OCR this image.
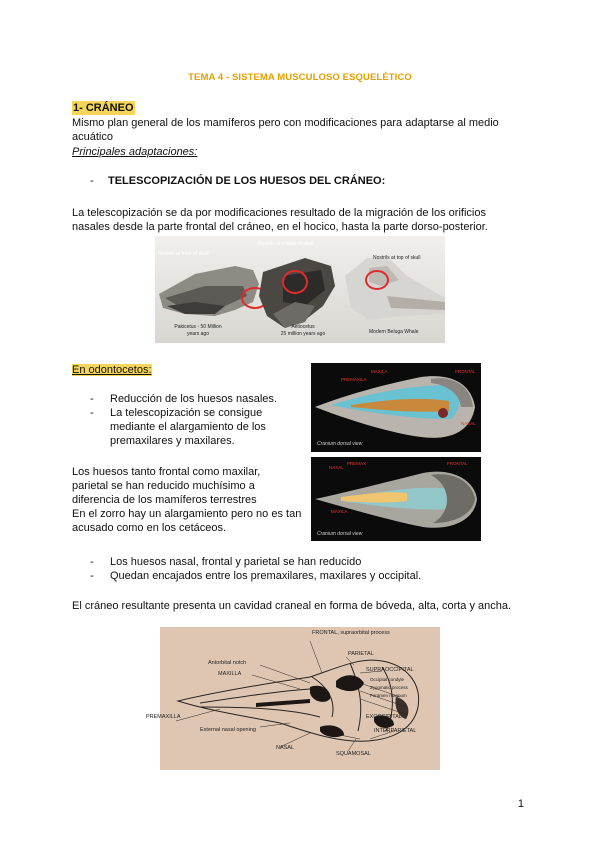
TEMA 4 - SISTEMA MUSCULOSO ESQUELÉTICO
1- CRÁNEO
Mismo plan general de los mamíferos pero con modificaciones para adaptarse al medio
acuático
Principales adaptaciones:
- TELESCOPIZACIÓN DE LOS HUESOS DEL CRÁNEO:
La telescopización se da por modificaciones resultado de la migración de los orificios
nasales desde la parte frontal del cráneo, en el hocico, hasta la parte dorso-posterior.
Nostrils at front of skull
Nostrils at middle of skull
Nostrils at top of skull
Pakicetus - 50 Million
years ago
Aetiocetus
25 million years ago	Modern Beluga Whale
En odontocetos:
- Reducción de los huesos nasales.
- La telescopización se consigue
mediante el alargamiento de los
premaxilares y maxilares.
Los huesos tanto frontal como maxilar,
parietal se han reducido muchísimo a
diferencia de los mamíferos terrestres
En el zorro hay un alargamiento pero no es tan
acusado como en los cetáceos.
MAXILA
PREMAXILA
FRONTAL
NASAL
Cranium dorsal view
NASAL
PREMAX	FRONTAL
MAXILA
Cranium dorsal view
- Los huesos nasal, frontal y parietal se han reducido
- Quedan encajados entre los premaxilares, maxilares y occipital.
El cráneo resultante presenta un cavidad craneal en forma de bóveda, alta, corta y ancha.
FRONTAL, supraorbital process
PARIETAL
Antorbital notch
MAXILLA
SUPRAOCCIPITAL
Occipital condyle
Zygomatic process
Foramen magnum
PREMAXILLA	EXOCCIPITAL
External nasal opening	INTERPARIETAL
NASAL
SQUAMOSAL
1
